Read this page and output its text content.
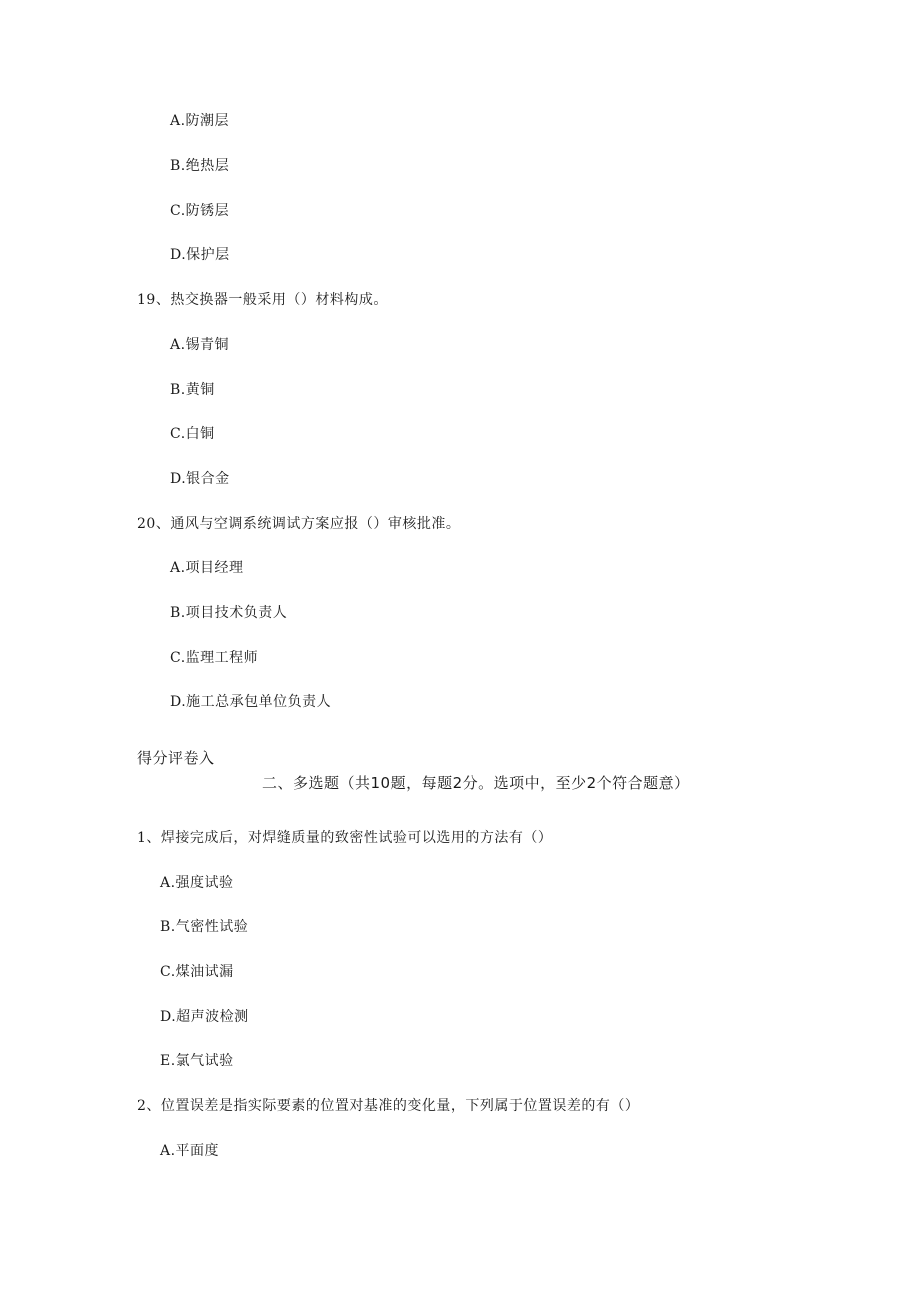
A.防潮层
B.绝热层
C.防锈层
D.保护层
19、热交换器一般采用（）材料构成。
A.锡青铜
B.黄铜
C.白铜
D.银合金
20、通风与空调系统调试方案应报（）审核批准。
A.项目经理
B.项目技术负责人
C.监理工程师
D.施工总承包单位负责人
得分评卷入
二、多选题（共10题，每题2分。选项中，至少2个符合题意）
1、焊接完成后，对焊缝质量的致密性试验可以选用的方法有（）
A.强度试验
B.气密性试验
C.煤油试漏
D.超声波检测
E.氯气试验
2、位置误差是指实际要素的位置对基准的变化量，下列属于位置误差的有（）
A.平面度
